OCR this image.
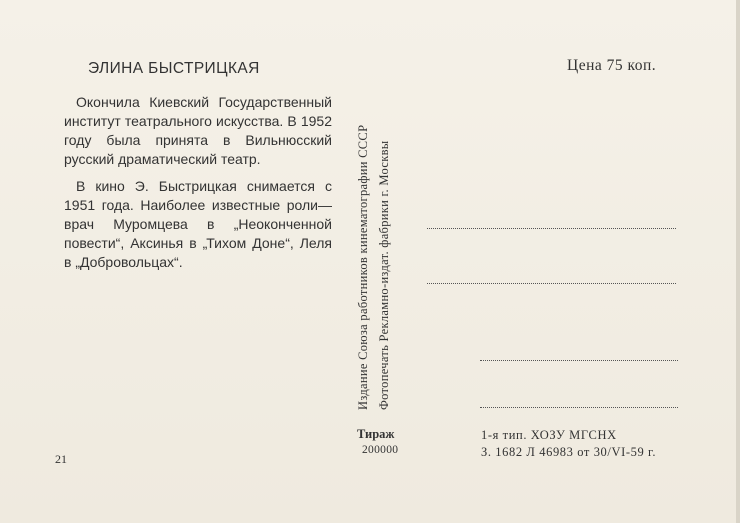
ЭЛИНА БЫСТРИЦКАЯ

Окончила Киевский Государственный институт театрального искусства. В 1952 году была принята в Вильнюсский русский драматический театр.

В кино Э. Быстрицкая снимается с 1951 года. Наиболее известные роли—врач Муромцева в „Неоконченной повести“, Аксинья в „Тихом Доне“, Леля в „Добровольцах“.

21
Издание Союза работников кинематографии СССР Фотопечать Рекламно-издат. фабрики г. Москвы
Цена 75 коп.
Тираж
200000
1-я тип. ХОЗУ МГСНХ
З. 1682 Л 46983 от 30/VI-59 г.
